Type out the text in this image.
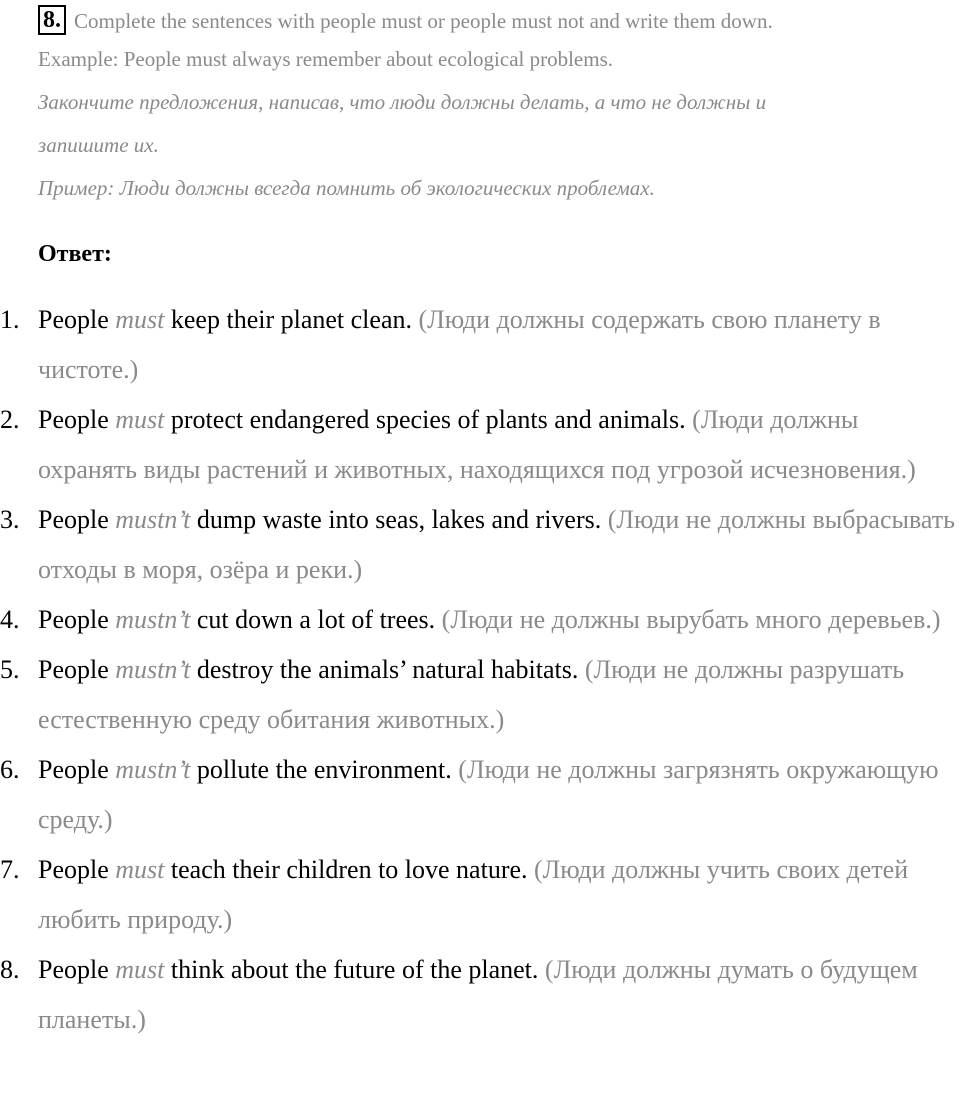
8. Complete the sentences with people must or people must not and write them down.
Example: People must always remember about ecological problems.
Закончите предложения, написав, что люди должны делать, а что не должны и
запишите их.
Пример: Люди должны всегда помнить об экологических проблемах.
Ответ:
1. People must keep their planet clean. (Люди должны содержать свою планету в чистоте.)
2. People must protect endangered species of plants and animals. (Люди должны охранять виды растений и животных, находящихся под угрозой исчезновения.)
3. People mustn’t dump waste into seas, lakes and rivers. (Люди не должны выбрасывать отходы в моря, озёра и реки.)
4. People mustn’t cut down a lot of trees. (Люди не должны вырубать много деревьев.)
5. People mustn’t destroy the animals’ natural habitats. (Люди не должны разрушать естественную среду обитания животных.)
6. People mustn’t pollute the environment. (Люди не должны загрязнять окружающую среду.)
7. People must teach their children to love nature. (Люди должны учить своих детей любить природу.)
8. People must think about the future of the planet. (Люди должны думать о будущем планеты.)
